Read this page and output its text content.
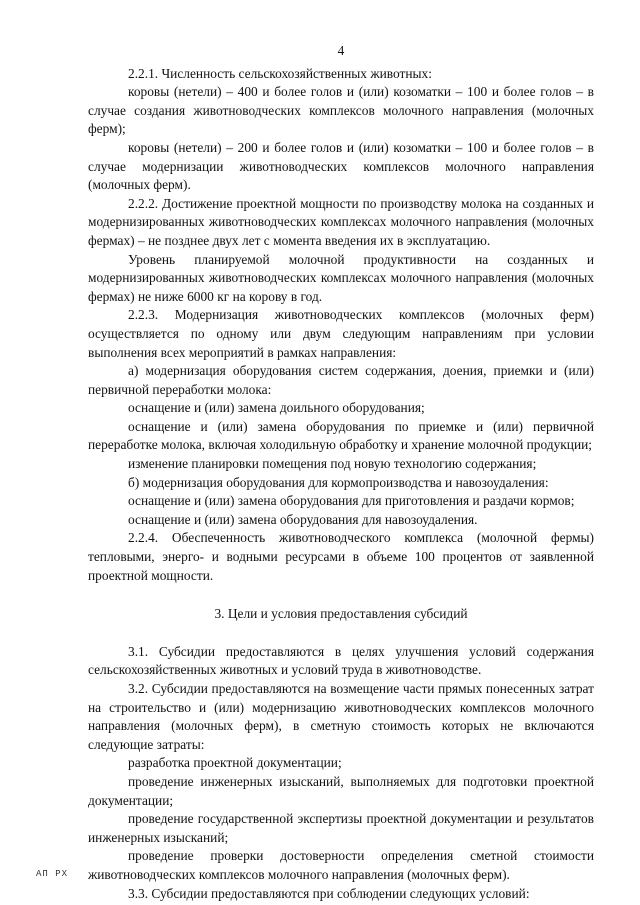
4

2.2.1. Численность сельскохозяйственных животных:

коровы (нетели) – 400 и более голов и (или) козоматки – 100 и более голов – в случае создания животноводческих комплексов молочного направления (молочных ферм);

коровы (нетели) – 200 и более голов и (или) козоматки – 100 и более голов – в случае модернизации животноводческих комплексов молочного направления (молочных ферм).

2.2.2. Достижение проектной мощности по производству молока на созданных и модернизированных животноводческих комплексах молочного направления (молочных фермах) – не позднее двух лет с момента введения их в эксплуатацию.

Уровень планируемой молочной продуктивности на созданных и модернизированных животноводческих комплексах молочного направления (молочных фермах) не ниже 6000 кг на корову в год.

2.2.3. Модернизация животноводческих комплексов (молочных ферм) осуществляется по одному или двум следующим направлениям при условии выполнения всех мероприятий в рамках направления:

а) модернизация оборудования систем содержания, доения, приемки и (или) первичной переработки молока:

оснащение и (или) замена доильного оборудования;

оснащение и (или) замена оборудования по приемке и (или) первичной переработке молока, включая холодильную обработку и хранение молочной продукции;

изменение планировки помещения под новую технологию содержания;

б) модернизация оборудования для кормопроизводства и навозоудаления:

оснащение и (или) замена оборудования для приготовления и раздачи кормов;

оснащение и (или) замена оборудования для навозоудаления.

2.2.4. Обеспеченность животноводческого комплекса (молочной фермы) тепловыми, энерго- и водными ресурсами в объеме 100 процентов от заявленной проектной мощности.

3. Цели и условия предоставления субсидий

3.1. Субсидии предоставляются в целях улучшения условий содержания сельскохозяйственных животных и условий труда в животноводстве.

3.2. Субсидии предоставляются на возмещение части прямых понесенных затрат на строительство и (или) модернизацию животноводческих комплексов молочного направления (молочных ферм), в сметную стоимость которых не включаются следующие затраты:

разработка проектной документации;

проведение инженерных изысканий, выполняемых для подготовки проектной документации;

проведение государственной экспертизы проектной документации и результатов инженерных изысканий;

проведение проверки достоверности определения сметной стоимости животноводческих комплексов молочного направления (молочных ферм).

3.3. Субсидии предоставляются при соблюдении следующих условий:

АП РХ
